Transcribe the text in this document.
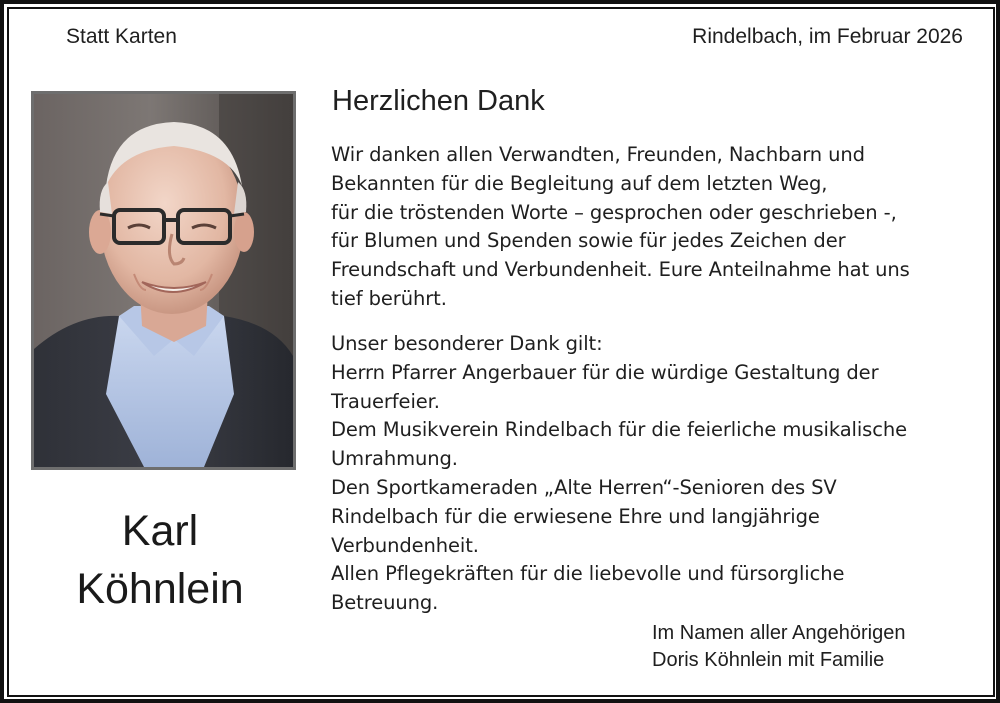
Statt Karten	Rindelbach, im Februar 2026
Karl
Köhnlein
Herzlichen Dank
Wir danken allen Verwandten, Freunden, Nachbarn und
Bekannten für die Begleitung auf dem letzten Weg,
für die tröstenden Worte – gesprochen oder geschrieben -,
für Blumen und Spenden sowie für jedes Zeichen der
Freundschaft und Verbundenheit. Eure Anteilnahme hat uns
tief berührt.
Unser besonderer Dank gilt:
Herrn Pfarrer Angerbauer für die würdige Gestaltung der
Trauerfeier.
Dem Musikverein Rindelbach für die feierliche musikalische
Umrahmung.
Den Sportkameraden „Alte Herren“-Senioren des SV
Rindelbach für die erwiesene Ehre und langjährige
Verbundenheit.
Allen Pflegekräften für die liebevolle und fürsorgliche
Betreuung.
Im Namen aller Angehörigen
Doris Köhnlein mit Familie
